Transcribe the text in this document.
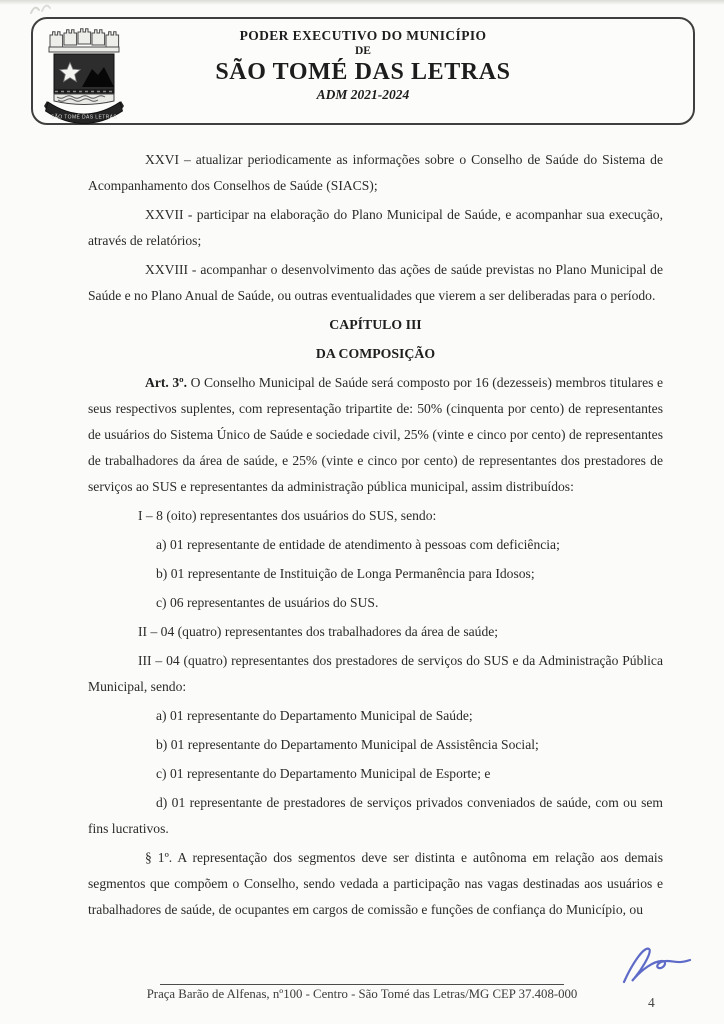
SÃO TOMÉ DAS LETRAS
PODER EXECUTIVO DO MUNICÍPIO
DE
SÃO TOMÉ DAS LETRAS
ADM 2021-2024

XXVI – atualizar periodicamente as informações sobre o Conselho de Saúde do Sistema de Acompanhamento dos Conselhos de Saúde (SIACS);

XXVII - participar na elaboração do Plano Municipal de Saúde, e acompanhar sua execução, através de relatórios;

XXVIII - acompanhar o desenvolvimento das ações de saúde previstas no Plano Municipal de Saúde e no Plano Anual de Saúde, ou outras eventualidades que vierem a ser deliberadas para o período.

CAPÍTULO III

DA COMPOSIÇÃO

Art. 3º. O Conselho Municipal de Saúde será composto por 16 (dezesseis) membros titulares e seus respectivos suplentes, com representação tripartite de: 50% (cinquenta por cento) de representantes de usuários do Sistema Único de Saúde e sociedade civil, 25% (vinte e cinco por cento) de representantes de trabalhadores da área de saúde, e 25% (vinte e cinco por cento) de representantes dos prestadores de serviços ao SUS e representantes da administração pública municipal, assim distribuídos:

I – 8 (oito) representantes dos usuários do SUS, sendo:

a) 01 representante de entidade de atendimento à pessoas com deficiência;

b) 01 representante de Instituição de Longa Permanência para Idosos;

c) 06 representantes de usuários do SUS.

II – 04 (quatro) representantes dos trabalhadores da área de saúde;

III – 04 (quatro) representantes dos prestadores de serviços do SUS e da Administração Pública Municipal, sendo:

a) 01 representante do Departamento Municipal de Saúde;

b) 01 representante do Departamento Municipal de Assistência Social;

c) 01 representante do Departamento Municipal de Esporte; e

d) 01 representante de prestadores de serviços privados conveniados de saúde, com ou sem fins lucrativos.

§ 1º. A representação dos segmentos deve ser distinta e autônoma em relação aos demais segmentos que compõem o Conselho, sendo vedada a participação nas vagas destinadas aos usuários e trabalhadores de saúde, de ocupantes em cargos de comissão e funções de confiança do Município, ou

Praça Barão de Alfenas, nº100 - Centro - São Tomé das Letras/MG CEP 37.408-000
4
